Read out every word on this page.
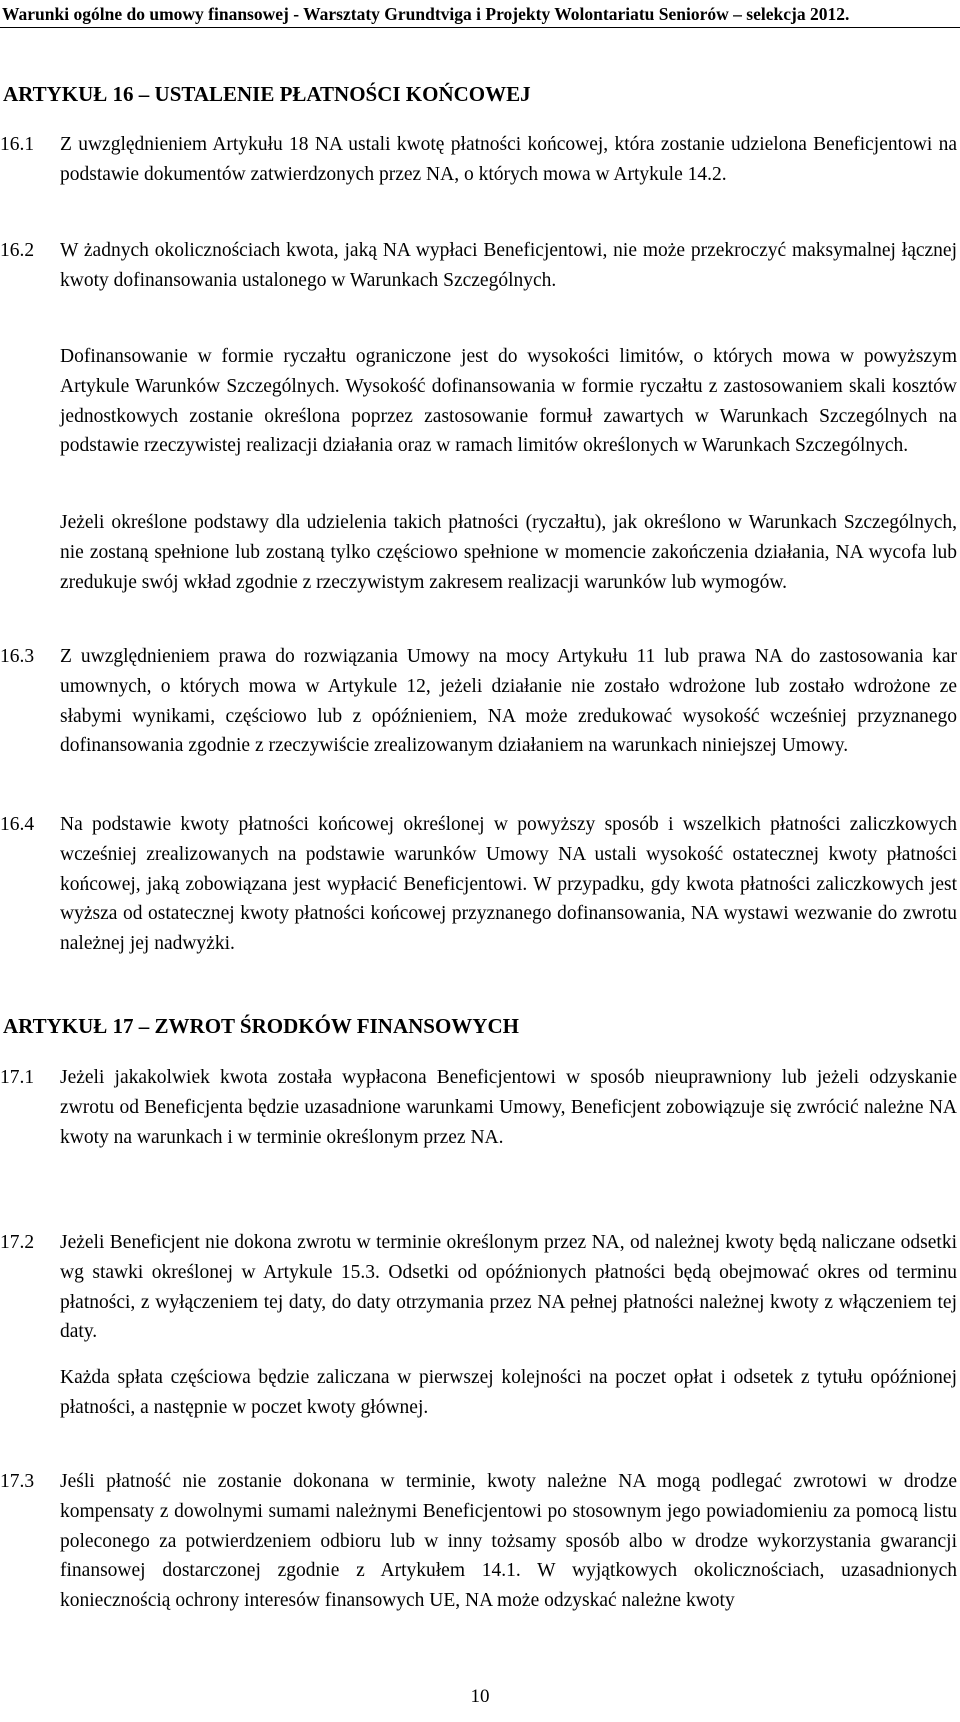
Warunki ogólne do umowy finansowej - Warsztaty Grundtviga i Projekty Wolontariatu Seniorów – selekcja 2012.
ARTYKUŁ 16 – USTALENIE PŁATNOŚCI KOŃCOWEJ
16.1 Z uwzględnieniem Artykułu 18 NA ustali kwotę płatności końcowej, która zostanie udzielona Beneficjentowi na podstawie dokumentów zatwierdzonych przez NA, o których mowa w Artykule 14.2.
16.2 W żadnych okolicznościach kwota, jaką NA wypłaci Beneficjentowi, nie może przekroczyć maksymalnej łącznej kwoty dofinansowania ustalonego w Warunkach Szczególnych.
Dofinansowanie w formie ryczałtu ograniczone jest do wysokości limitów, o których mowa w powyższym Artykule Warunków Szczególnych. Wysokość dofinansowania w formie ryczałtu z zastosowaniem skali kosztów jednostkowych zostanie określona poprzez zastosowanie formuł zawartych w Warunkach Szczególnych na podstawie rzeczywistej realizacji działania oraz w ramach limitów określonych w Warunkach Szczególnych.
Jeżeli określone podstawy dla udzielenia takich płatności (ryczałtu), jak określono w Warunkach Szczególnych, nie zostaną spełnione lub zostaną tylko częściowo spełnione w momencie zakończenia działania, NA wycofa lub zredukuje swój wkład zgodnie z rzeczywistym zakresem realizacji warunków lub wymogów.
16.3 Z uwzględnieniem prawa do rozwiązania Umowy na mocy Artykułu 11 lub prawa NA do zastosowania kar umownych, o których mowa w Artykule 12, jeżeli działanie nie zostało wdrożone lub zostało wdrożone ze słabymi wynikami, częściowo lub z opóźnieniem, NA może zredukować wysokość wcześniej przyznanego dofinansowania zgodnie z rzeczywiście zrealizowanym działaniem na warunkach niniejszej Umowy.
16.4 Na podstawie kwoty płatności końcowej określonej w powyższy sposób i wszelkich płatności zaliczkowych wcześniej zrealizowanych na podstawie warunków Umowy NA ustali wysokość ostatecznej kwoty płatności końcowej, jaką zobowiązana jest wypłacić Beneficjentowi. W przypadku, gdy kwota płatności zaliczkowych jest wyższa od ostatecznej kwoty płatności końcowej przyznanego dofinansowania, NA wystawi wezwanie do zwrotu należnej jej nadwyżki.
ARTYKUŁ 17 – ZWROT ŚRODKÓW FINANSOWYCH
17.1 Jeżeli jakakolwiek kwota została wypłacona Beneficjentowi w sposób nieuprawniony lub jeżeli odzyskanie zwrotu od Beneficjenta będzie uzasadnione warunkami Umowy, Beneficjent zobowiązuje się zwrócić należne NA kwoty na warunkach i w terminie określonym przez NA.
17.2 Jeżeli Beneficjent nie dokona zwrotu w terminie określonym przez NA, od należnej kwoty będą naliczane odsetki wg stawki określonej w Artykule 15.3. Odsetki od opóźnionych płatności będą obejmować okres od terminu płatności, z wyłączeniem tej daty, do daty otrzymania przez NA pełnej płatności należnej kwoty z włączeniem tej daty.
Każda spłata częściowa będzie zaliczana w pierwszej kolejności na poczet opłat i odsetek z tytułu opóźnionej płatności, a następnie w poczet kwoty głównej.
17.3 Jeśli płatność nie zostanie dokonana w terminie, kwoty należne NA mogą podlegać zwrotowi w drodze kompensaty z dowolnymi sumami należnymi Beneficjentowi po stosownym jego powiadomieniu za pomocą listu poleconego za potwierdzeniem odbioru lub w inny tożsamy sposób albo w drodze wykorzystania gwarancji finansowej dostarczonej zgodnie z Artykułem 14.1. W wyjątkowych okolicznościach, uzasadnionych koniecznością ochrony interesów finansowych UE, NA może odzyskać należne kwoty
10
